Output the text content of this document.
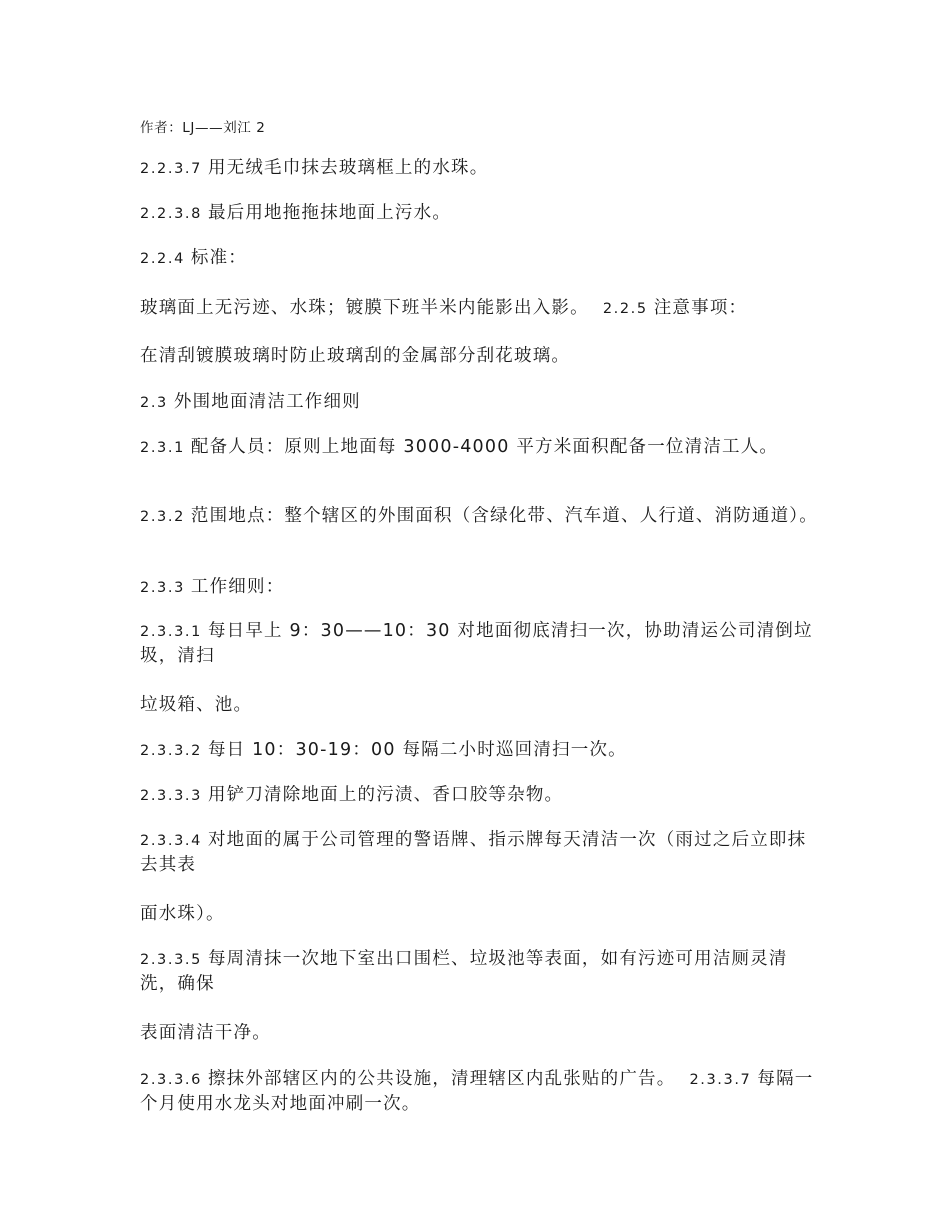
作者：LJ——刘江 2
2.2.3.7 用无绒毛巾抹去玻璃框上的水珠。
2.2.3.8 最后用地拖拖抹地面上污水。
2.2.4 标准：
玻璃面上无污迹、水珠；镀膜下班半米内能影出入影。 2.2.5 注意事项：
在清刮镀膜玻璃时防止玻璃刮的金属部分刮花玻璃。
2.3 外围地面清洁工作细则
2.3.1 配备人员：原则上地面每 3000-4000 平方米面积配备一位清洁工人。
2.3.2 范围地点：整个辖区的外围面积（含绿化带、汽车道、人行道、消防通道）。
2.3.3 工作细则：
2.3.3.1 每日早上 9：30——10：30 对地面彻底清扫一次，协助清运公司清倒垃圾，清扫
垃圾箱、池。
2.3.3.2 每日 10：30-19：00 每隔二小时巡回清扫一次。
2.3.3.3 用铲刀清除地面上的污渍、香口胶等杂物。
2.3.3.4 对地面的属于公司管理的警语牌、指示牌每天清洁一次（雨过之后立即抹去其表
面水珠）。
2.3.3.5 每周清抹一次地下室出口围栏、垃圾池等表面，如有污迹可用洁厕灵清洗，确保
表面清洁干净。
2.3.3.6 擦抹外部辖区内的公共设施，清理辖区内乱张贴的广告。 2.3.3.7 每隔一个月使用水龙头对地面冲刷一次。
